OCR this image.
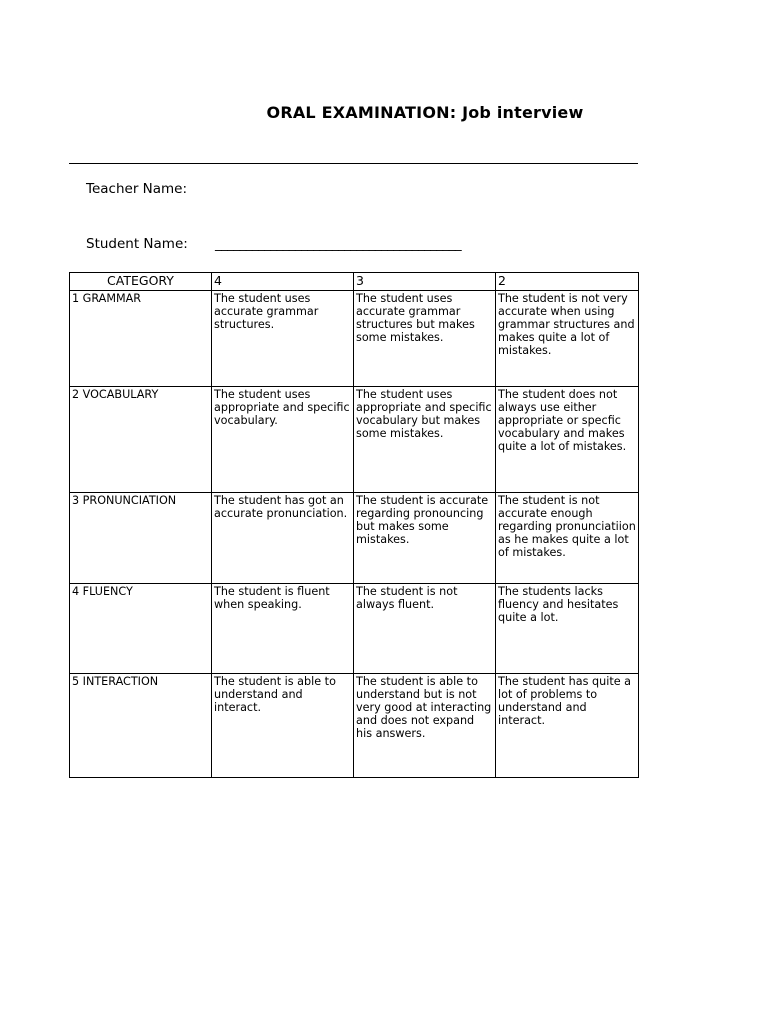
ORAL EXAMINATION: Job interview
Teacher Name:
Student Name: ________________________________________
CATEGORY	4	3	2
1 GRAMMAR	The student uses accurate grammar structures.	The student uses accurate grammar structures but makes some mistakes.	The student is not very accurate when using grammar structures and makes quite a lot of mistakes.
2 VOCABULARY	The student uses appropriate and specific vocabulary.	The student uses appropriate and specific vocabulary but makes some mistakes.	The student does not always use either appropriate or specfic vocabulary and makes quite a lot of mistakes.
3 PRONUNCIATION	The student has got an accurate pronunciation.	The student is accurate regarding pronouncing but makes some mistakes.	The student is not accurate enough regarding pronunciatiion as he makes quite a lot of mistakes.
4 FLUENCY	The student is fluent when speaking.	The student is not always fluent.	The students lacks fluency and hesitates quite a lot.
5 INTERACTION	The student is able to understand and interact.	The student is able to understand but is not very good at interacting and does not expand his answers.	The student has quite a lot of problems to understand and interact.
